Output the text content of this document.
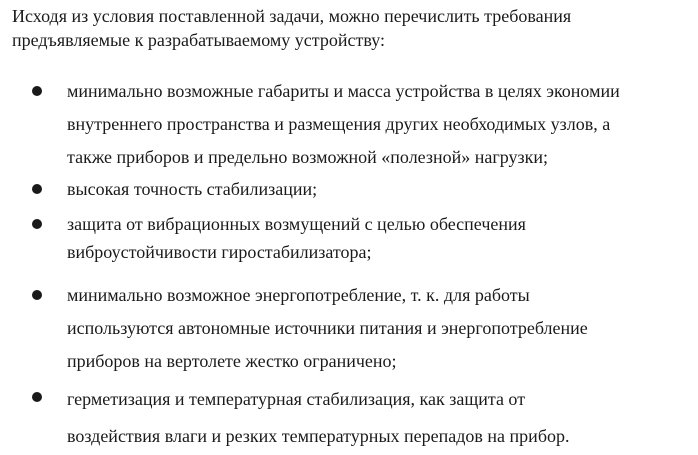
Исходя из условия поставленной задачи, можно перечислить требования
предъявляемые к разрабатываемому устройству:

минимально возможные габариты и масса устройства в целях экономии
внутреннего пространства и размещения других необходимых узлов, а
также приборов и предельно возможной «полезной» нагрузки;

высокая точность стабилизации;

защита от вибрационных возмущений с целью обеспечения
виброустойчивости гиростабилизатора;

минимально возможное энергопотребление, т. к. для работы
используются автономные источники питания и энергопотребление
приборов на вертолете жестко ограничено;

герметизация и температурная стабилизация, как защита от
воздействия влаги и резких температурных перепадов на прибор.
